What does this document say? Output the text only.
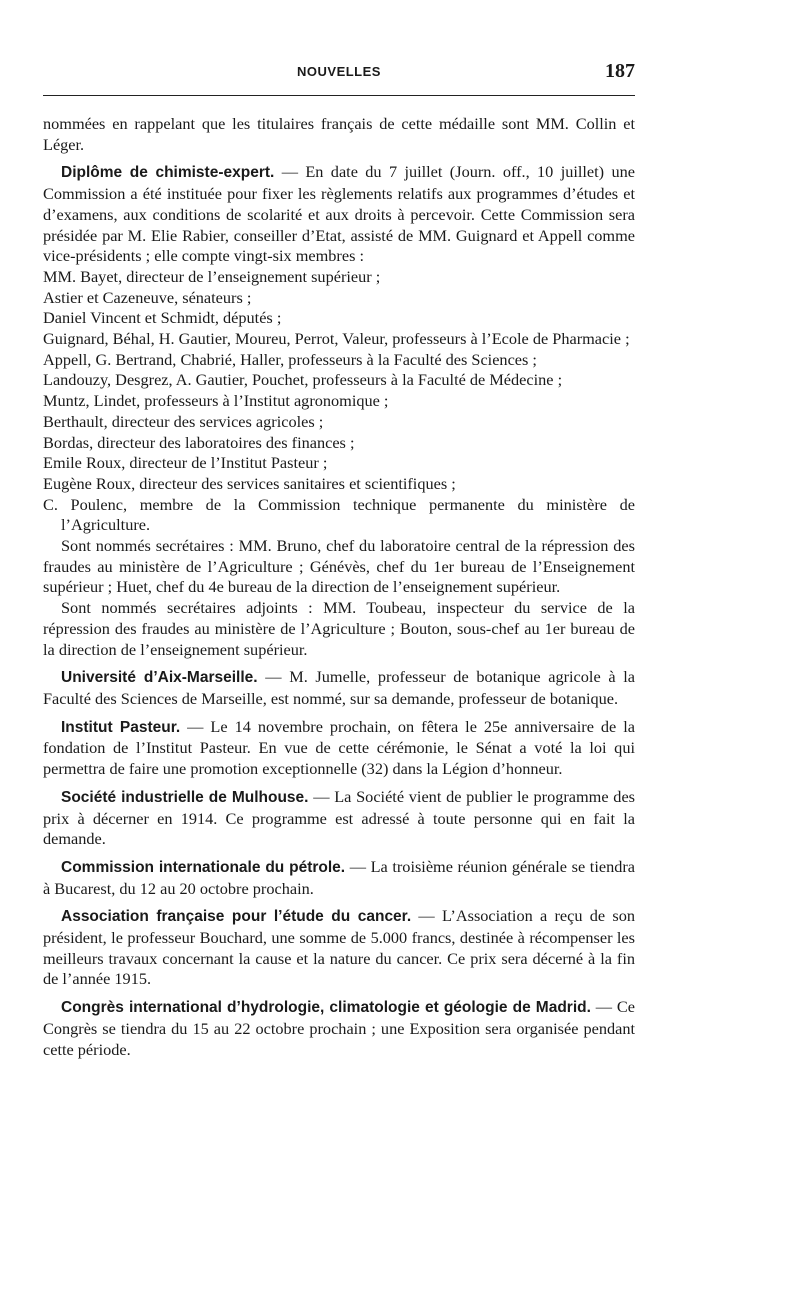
NOUVELLES	187

nommées en rappelant que les titulaires français de cette médaille sont MM. Collin et Léger.

Diplôme de chimiste-expert. — En date du 7 juillet (Journ. off., 10 juillet) une Commission a été instituée pour fixer les règlements relatifs aux programmes d’études et d’examens, aux conditions de scolarité et aux droits à percevoir. Cette Commission sera présidée par M. Elie Rabier, conseiller d’Etat, assisté de MM. Guignard et Appell comme vice-présidents ; elle compte vingt-six membres :

MM. Bayet, directeur de l’enseignement supérieur ;

Astier et Cazeneuve, sénateurs ;

Daniel Vincent et Schmidt, députés ;

Guignard, Béhal, H. Gautier, Moureu, Perrot, Valeur, professeurs à l’Ecole de Pharmacie ;

Appell, G. Bertrand, Chabrié, Haller, professeurs à la Faculté des Sciences ;

Landouzy, Desgrez, A. Gautier, Pouchet, professeurs à la Faculté de Médecine ;

Muntz, Lindet, professeurs à l’Institut agronomique ;

Berthault, directeur des services agricoles ;

Bordas, directeur des laboratoires des finances ;

Emile Roux, directeur de l’Institut Pasteur ;

Eugène Roux, directeur des services sanitaires et scientifiques ;

C. Poulenc, membre de la Commission technique permanente du ministère de l’Agriculture.

Sont nommés secrétaires : MM. Bruno, chef du laboratoire central de la répression des fraudes au ministère de l’Agriculture ; Génévès, chef du 1er bureau de l’Enseignement supérieur ; Huet, chef du 4e bureau de la direction de l’enseignement supérieur.

Sont nommés secrétaires adjoints : MM. Toubeau, inspecteur du service de la répression des fraudes au ministère de l’Agriculture ; Bouton, sous-chef au 1er bureau de la direction de l’enseignement supérieur.

Université d’Aix-Marseille. — M. Jumelle, professeur de botanique agricole à la Faculté des Sciences de Marseille, est nommé, sur sa demande, professeur de botanique.

Institut Pasteur. — Le 14 novembre prochain, on fêtera le 25e anniversaire de la fondation de l’Institut Pasteur. En vue de cette cérémonie, le Sénat a voté la loi qui permettra de faire une promotion exceptionnelle (32) dans la Légion d’honneur.

Société industrielle de Mulhouse. — La Société vient de publier le programme des prix à décerner en 1914. Ce programme est adressé à toute personne qui en fait la demande.

Commission internationale du pétrole. — La troisième réunion générale se tiendra à Bucarest, du 12 au 20 octobre prochain.

Association française pour l’étude du cancer. — L’Association a reçu de son président, le professeur Bouchard, une somme de 5.000 francs, destinée à récompenser les meilleurs travaux concernant la cause et la nature du cancer. Ce prix sera décerné à la fin de l’année 1915.

Congrès international d’hydrologie, climatologie et géologie de Madrid. — Ce Congrès se tiendra du 15 au 22 octobre prochain ; une Exposition sera organisée pendant cette période.
